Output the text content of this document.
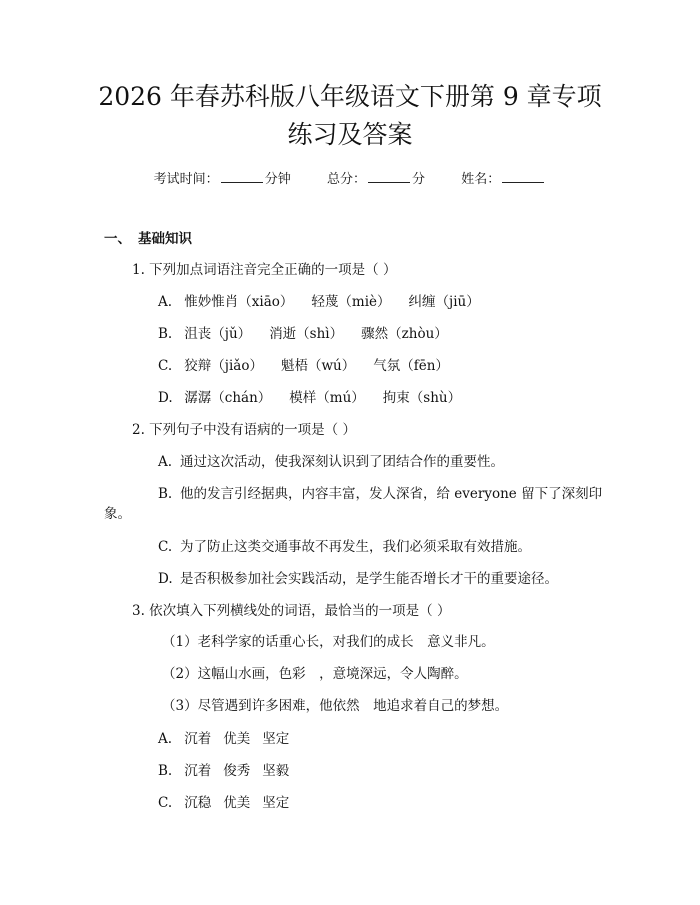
2026 年春苏科版八年级语文下册第 9 章专项
练习及答案
考试时间：	分钟	总分：	分	姓名：
一、 基础知识
1. 下列加点词语注音完全正确的一项是（ ）
A. 惟妙惟肖（xiāo） 轻蔑（miè） 纠缠（jiū）
B. 沮丧（jǔ） 消逝（shì） 骤然（zhòu）
C. 狡辩（jiǎo） 魁梧（wú） 气氛（fēn）
D. 潺潺（chán） 模样（mú） 拘束（shù）
2. 下列句子中没有语病的一项是（ ）
A. 通过这次活动，使我深刻认识到了团结合作的重要性。
B. 他的发言引经据典，内容丰富，发人深省，给 everyone 留下了深刻印象。
C. 为了防止这类交通事故不再发生，我们必须采取有效措施。
D. 是否积极参加社会实践活动，是学生能否增长才干的重要途径。
3. 依次填入下列横线处的词语，最恰当的一项是（ ）
（1）老科学家的话重心长，对我们的成长　意义非凡。
（2）这幅山水画，色彩　，意境深远，令人陶醉。
（3）尽管遇到许多困难，他依然　地追求着自己的梦想。
A. 沉着 优美 坚定
B. 沉着 俊秀 坚毅
C. 沉稳 优美 坚定
